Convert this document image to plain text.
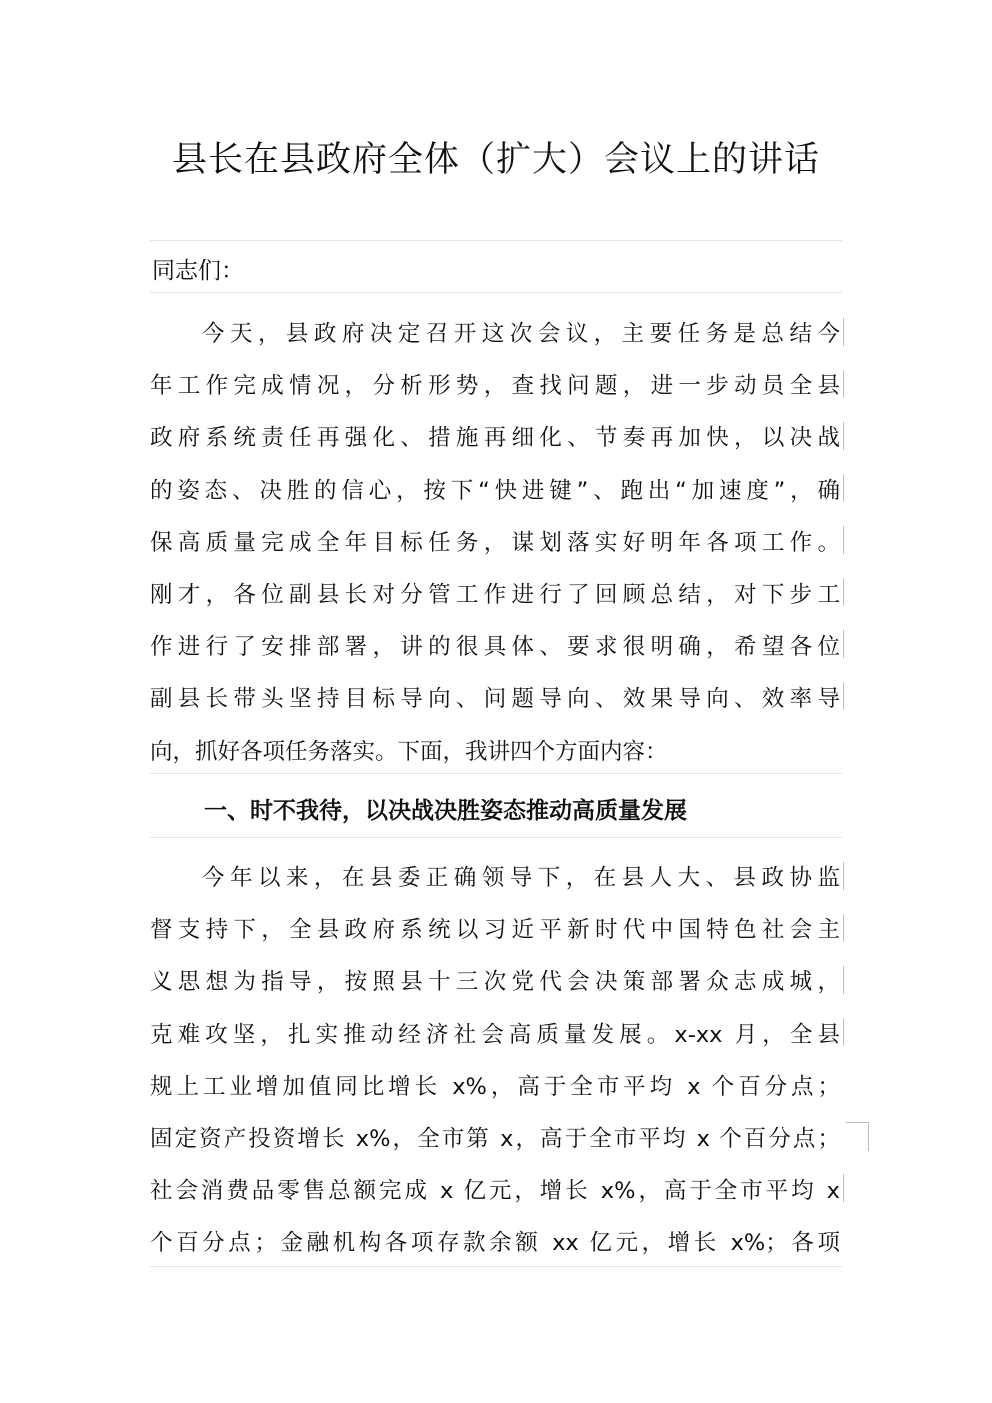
县长在县政府全体（扩大）会议上的讲话
同志们：
今天，县政府决定召开这次会议，主要任务是总结今
年工作完成情况，分析形势，查找问题，进一步动员全县
政府系统责任再强化、措施再细化、节奏再加快，以决战
的姿态、决胜的信心，按下“快进键”、跑出“加速度”，确
保高质量完成全年目标任务，谋划落实好明年各项工作。
刚才，各位副县长对分管工作进行了回顾总结，对下步工
作进行了安排部署，讲的很具体、要求很明确，希望各位
副县长带头坚持目标导向、问题导向、效果导向、效率导
向，抓好各项任务落实。下面，我讲四个方面内容：
一、时不我待，以决战决胜姿态推动高质量发展
今年以来，在县委正确领导下，在县人大、县政协监
督支持下，全县政府系统以习近平新时代中国特色社会主
义思想为指导，按照县十三次党代会决策部署众志成城，
克难攻坚，扎实推动经济社会高质量发展。x-xx 月，全县
规上工业增加值同比增长 x%，高于全市平均 x 个百分点；
固定资产投资增长 x%，全市第 x，高于全市平均 x 个百分点；
社会消费品零售总额完成 x 亿元，增长 x%，高于全市平均 x
个百分点；金融机构各项存款余额 xx 亿元，增长 x%；各项
